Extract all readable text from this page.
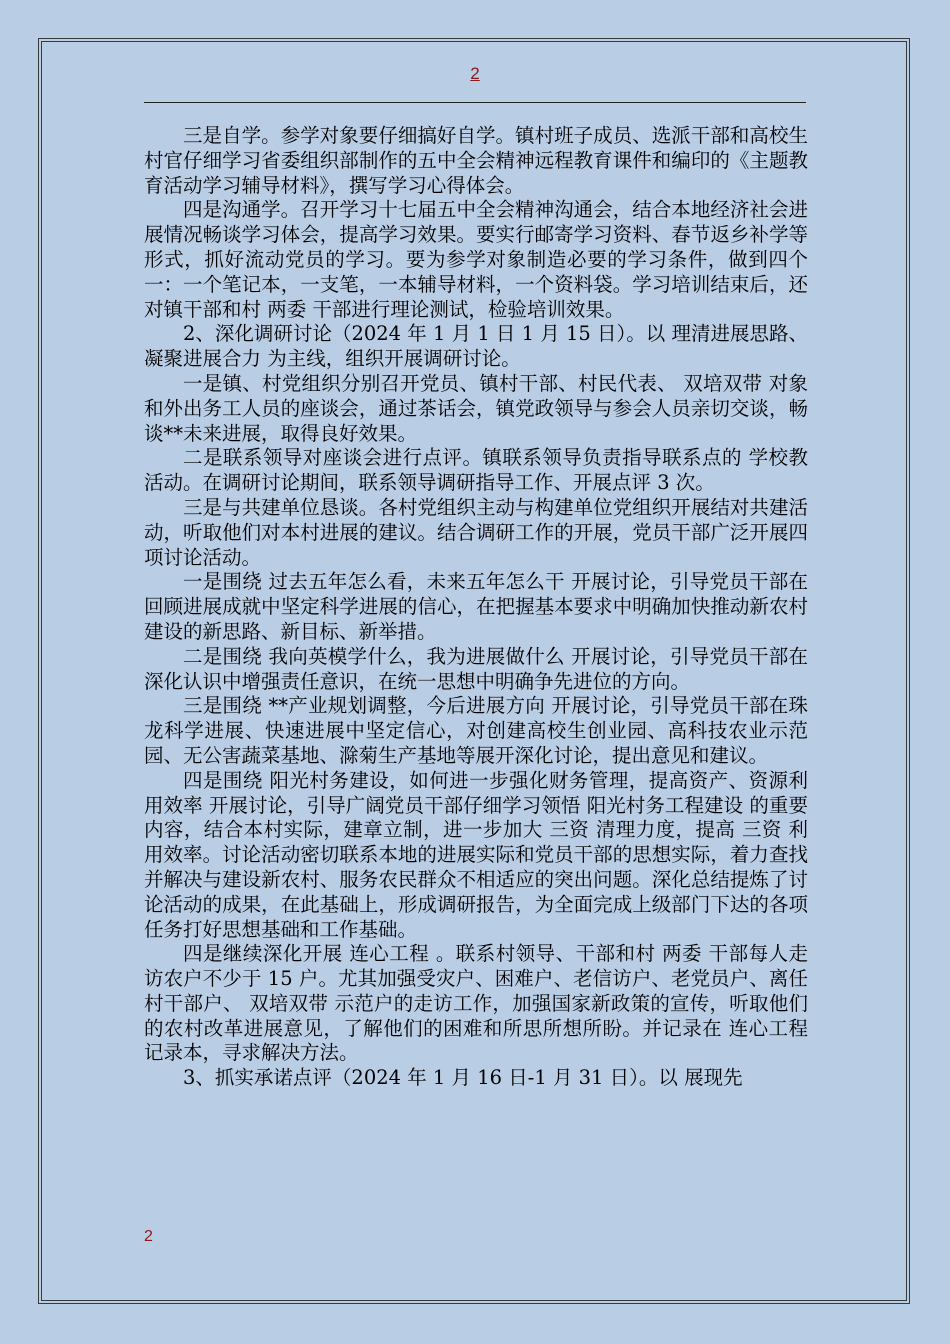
2

三是自学。参学对象要仔细搞好自学。镇村班子成员、选派干部和高校生村官仔细学习省委组织部制作的五中全会精神远程教育课件和编印的《主题教育活动学习辅导材料》，撰写学习心得体会。

四是沟通学。召开学习十七届五中全会精神沟通会，结合本地经济社会进展情况畅谈学习体会，提高学习效果。要实行邮寄学习资料、春节返乡补学等形式，抓好流动党员的学习。要为参学对象制造必要的学习条件，做到四个一：一个笔记本，一支笔，一本辅导材料，一个资料袋。学习培训结束后，还对镇干部和村 两委 干部进行理论测试，检验培训效果。

2、深化调研讨论（2024 年 1 月 1 日 1 月 15 日）。以 理清进展思路、凝聚进展合力 为主线，组织开展调研讨论。

一是镇、村党组织分别召开党员、镇村干部、村民代表、 双培双带 对象和外出务工人员的座谈会，通过茶话会，镇党政领导与参会人员亲切交谈，畅谈**未来进展，取得良好效果。

二是联系领导对座谈会进行点评。镇联系领导负责指导联系点的 学校教 活动。在调研讨论期间，联系领导调研指导工作、开展点评 3 次。

三是与共建单位恳谈。各村党组织主动与构建单位党组织开展结对共建活动，听取他们对本村进展的建议。结合调研工作的开展，党员干部广泛开展四项讨论活动。

一是围绕 过去五年怎么看，未来五年怎么干 开展讨论，引导党员干部在回顾进展成就中坚定科学进展的信心，在把握基本要求中明确加快推动新农村建设的新思路、新目标、新举措。

二是围绕 我向英模学什么，我为进展做什么 开展讨论，引导党员干部在深化认识中增强责任意识，在统一思想中明确争先进位的方向。

三是围绕 **产业规划调整，今后进展方向 开展讨论，引导党员干部在珠龙科学进展、快速进展中坚定信心，对创建高校生创业园、高科技农业示范园、无公害蔬菜基地、滁菊生产基地等展开深化讨论，提出意见和建议。

四是围绕 阳光村务建设，如何进一步强化财务管理，提高资产、资源利用效率 开展讨论，引导广阔党员干部仔细学习领悟 阳光村务工程建设 的重要内容，结合本村实际，建章立制，进一步加大 三资 清理力度，提高 三资 利用效率。讨论活动密切联系本地的进展实际和党员干部的思想实际，着力查找并解决与建设新农村、服务农民群众不相适应的突出问题。深化总结提炼了讨论活动的成果，在此基础上，形成调研报告，为全面完成上级部门下达的各项任务打好思想基础和工作基础。

四是继续深化开展 连心工程 。联系村领导、干部和村 两委 干部每人走访农户不少于 15 户。尤其加强受灾户、困难户、老信访户、老党员户、离任村干部户、 双培双带 示范户的走访工作，加强国家新政策的宣传，听取他们的农村改革进展意见，了解他们的困难和所思所想所盼。并记录在 连心工程 记录本，寻求解决方法。

3、抓实承诺点评（2024 年 1 月 16 日-1 月 31 日）。以 展现先

2
